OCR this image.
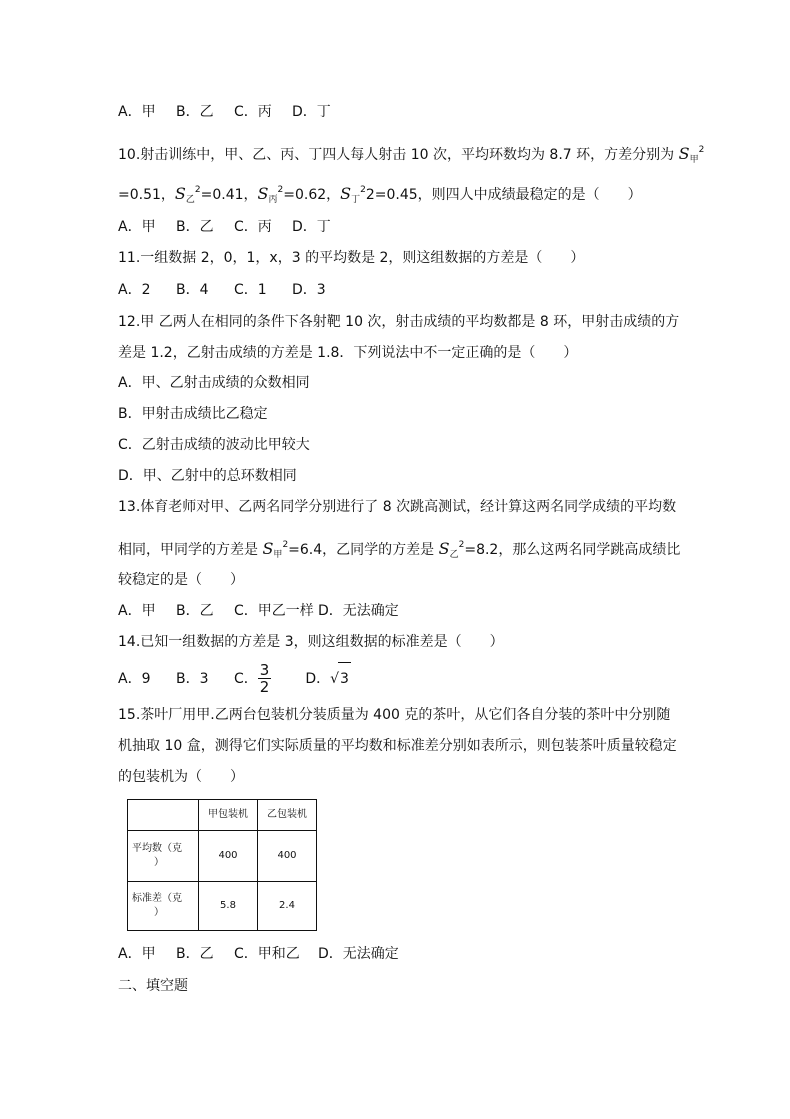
A．甲 B．乙 C．丙 D．丁
10.射击训练中，甲、乙、丙、丁四人每人射击 10 次，平均环数均为 8.7 环，方差分别为 $S_甲^2$
=0.51，$S_乙^2=0.41$，$S_丙^2=0.62$，$S_丁^22=0.45$，则四人中成绩最稳定的是（　　）
A．甲 B．乙 C．丙 D．丁
11.一组数据 2，0，1，x，3 的平均数是 2，则这组数据的方差是（　　）
A．2 B．4 C．1 D．3
12.甲 乙两人在相同的条件下各射靶 10 次，射击成绩的平均数都是 8 环，甲射击成绩的方
差是 1.2，乙射击成绩的方差是 1.8．下列说法中不一定正确的是（　　）
A．甲、乙射击成绩的众数相同
B．甲射击成绩比乙稳定
C．乙射击成绩的波动比甲较大
D．甲、乙射中的总环数相同
13.体育老师对甲、乙两名同学分别进行了 8 次跳高测试，经计算这两名同学成绩的平均数
相同，甲同学的方差是 $S_甲^2=6.4$，乙同学的方差是 $S_乙^2=8.2$，那么这两名同学跳高成绩比
较稳定的是（　　）
A．甲 B．乙 C．甲乙一样 D．无法确定
14.已知一组数据的方差是 3，则这组数据的标准差是（　　）
A．9 B．3 C． $\frac{3}{2}$ D．√3
15.茶叶厂用甲.乙两台包装机分装质量为 400 克的茶叶，从它们各自分装的茶叶中分别随
机抽取 10 盒，测得它们实际质量的平均数和标准差分别如表所示，则包装茶叶质量较稳定
的包装机为（　　）
	甲包装机	乙包装机
平均数（克
）	400	400
标准差（克
）	5.8	2.4
A．甲 B．乙 C．甲和乙 D．无法确定
二、填空题
